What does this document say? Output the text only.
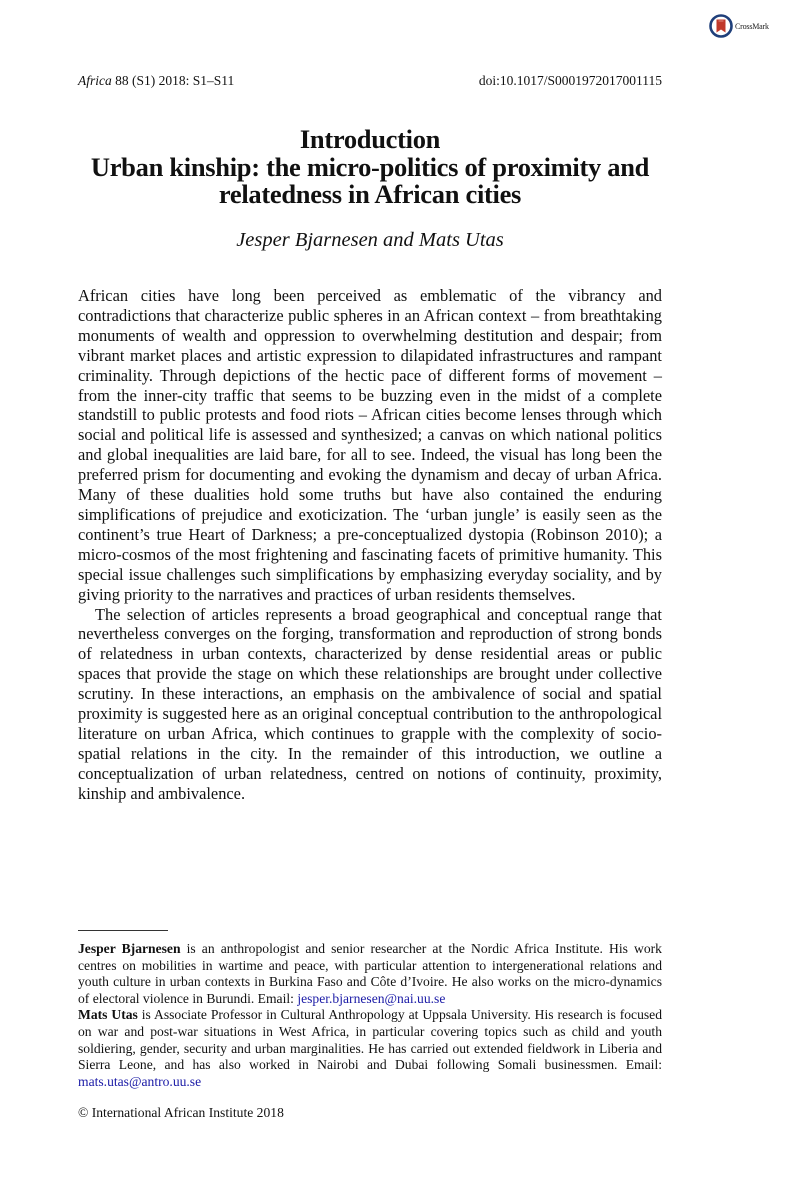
CrossMark
Africa 88 (S1) 2018: S1–S11	doi:10.1017/S0001972017001115
Introduction
Urban kinship: the micro-politics of proximity and
relatedness in African cities
Jesper Bjarnesen and Mats Utas

African cities have long been perceived as emblematic of the vibrancy and contradictions that characterize public spheres in an African context – from breathtaking monuments of wealth and oppression to overwhelming destitution and despair; from vibrant market places and artistic expression to dilapidated infrastructures and rampant criminality. Through depictions of the hectic pace of different forms of movement – from the inner-city traffic that seems to be buzzing even in the midst of a complete standstill to public protests and food riots – African cities become lenses through which social and political life is assessed and synthesized; a canvas on which national politics and global inequalities are laid bare, for all to see. Indeed, the visual has long been the preferred prism for documenting and evoking the dynamism and decay of urban Africa. Many of these dualities hold some truths but have also contained the enduring simplifications of prejudice and exoticization. The ‘urban jungle’ is easily seen as the continent’s true Heart of Darkness; a pre-conceptualized dystopia (Robinson 2010); a micro-cosmos of the most frightening and fascinating facets of primitive humanity. This special issue challenges such simplifications by emphasizing everyday sociality, and by giving priority to the narratives and practices of urban residents themselves.

The selection of articles represents a broad geographical and conceptual range that nevertheless converges on the forging, transformation and reproduction of strong bonds of relatedness in urban contexts, characterized by dense residential areas or public spaces that provide the stage on which these relationships are brought under collective scrutiny. In these interactions, an emphasis on the ambivalence of social and spatial proximity is suggested here as an original conceptual contribution to the anthropological literature on urban Africa, which continues to grapple with the complexity of socio-spatial relations in the city. In the remainder of this introduction, we outline a conceptualization of urban relatedness, centred on notions of continuity, proximity, kinship and ambivalence.

Jesper Bjarnesen is an anthropologist and senior researcher at the Nordic Africa Institute. His work centres on mobilities in wartime and peace, with particular attention to intergenerational relations and youth culture in urban contexts in Burkina Faso and Côte d’Ivoire. He also works on the micro-dynamics of electoral violence in Burundi. Email: jesper.bjarnesen@nai.uu.se

Mats Utas is Associate Professor in Cultural Anthropology at Uppsala University. His research is focused on war and post-war situations in West Africa, in particular covering topics such as child and youth soldiering, gender, security and urban marginalities. He has carried out extended fieldwork in Liberia and Sierra Leone, and has also worked in Nairobi and Dubai following Somali businessmen. Email: mats.utas@antro.uu.se

© International African Institute 2018
